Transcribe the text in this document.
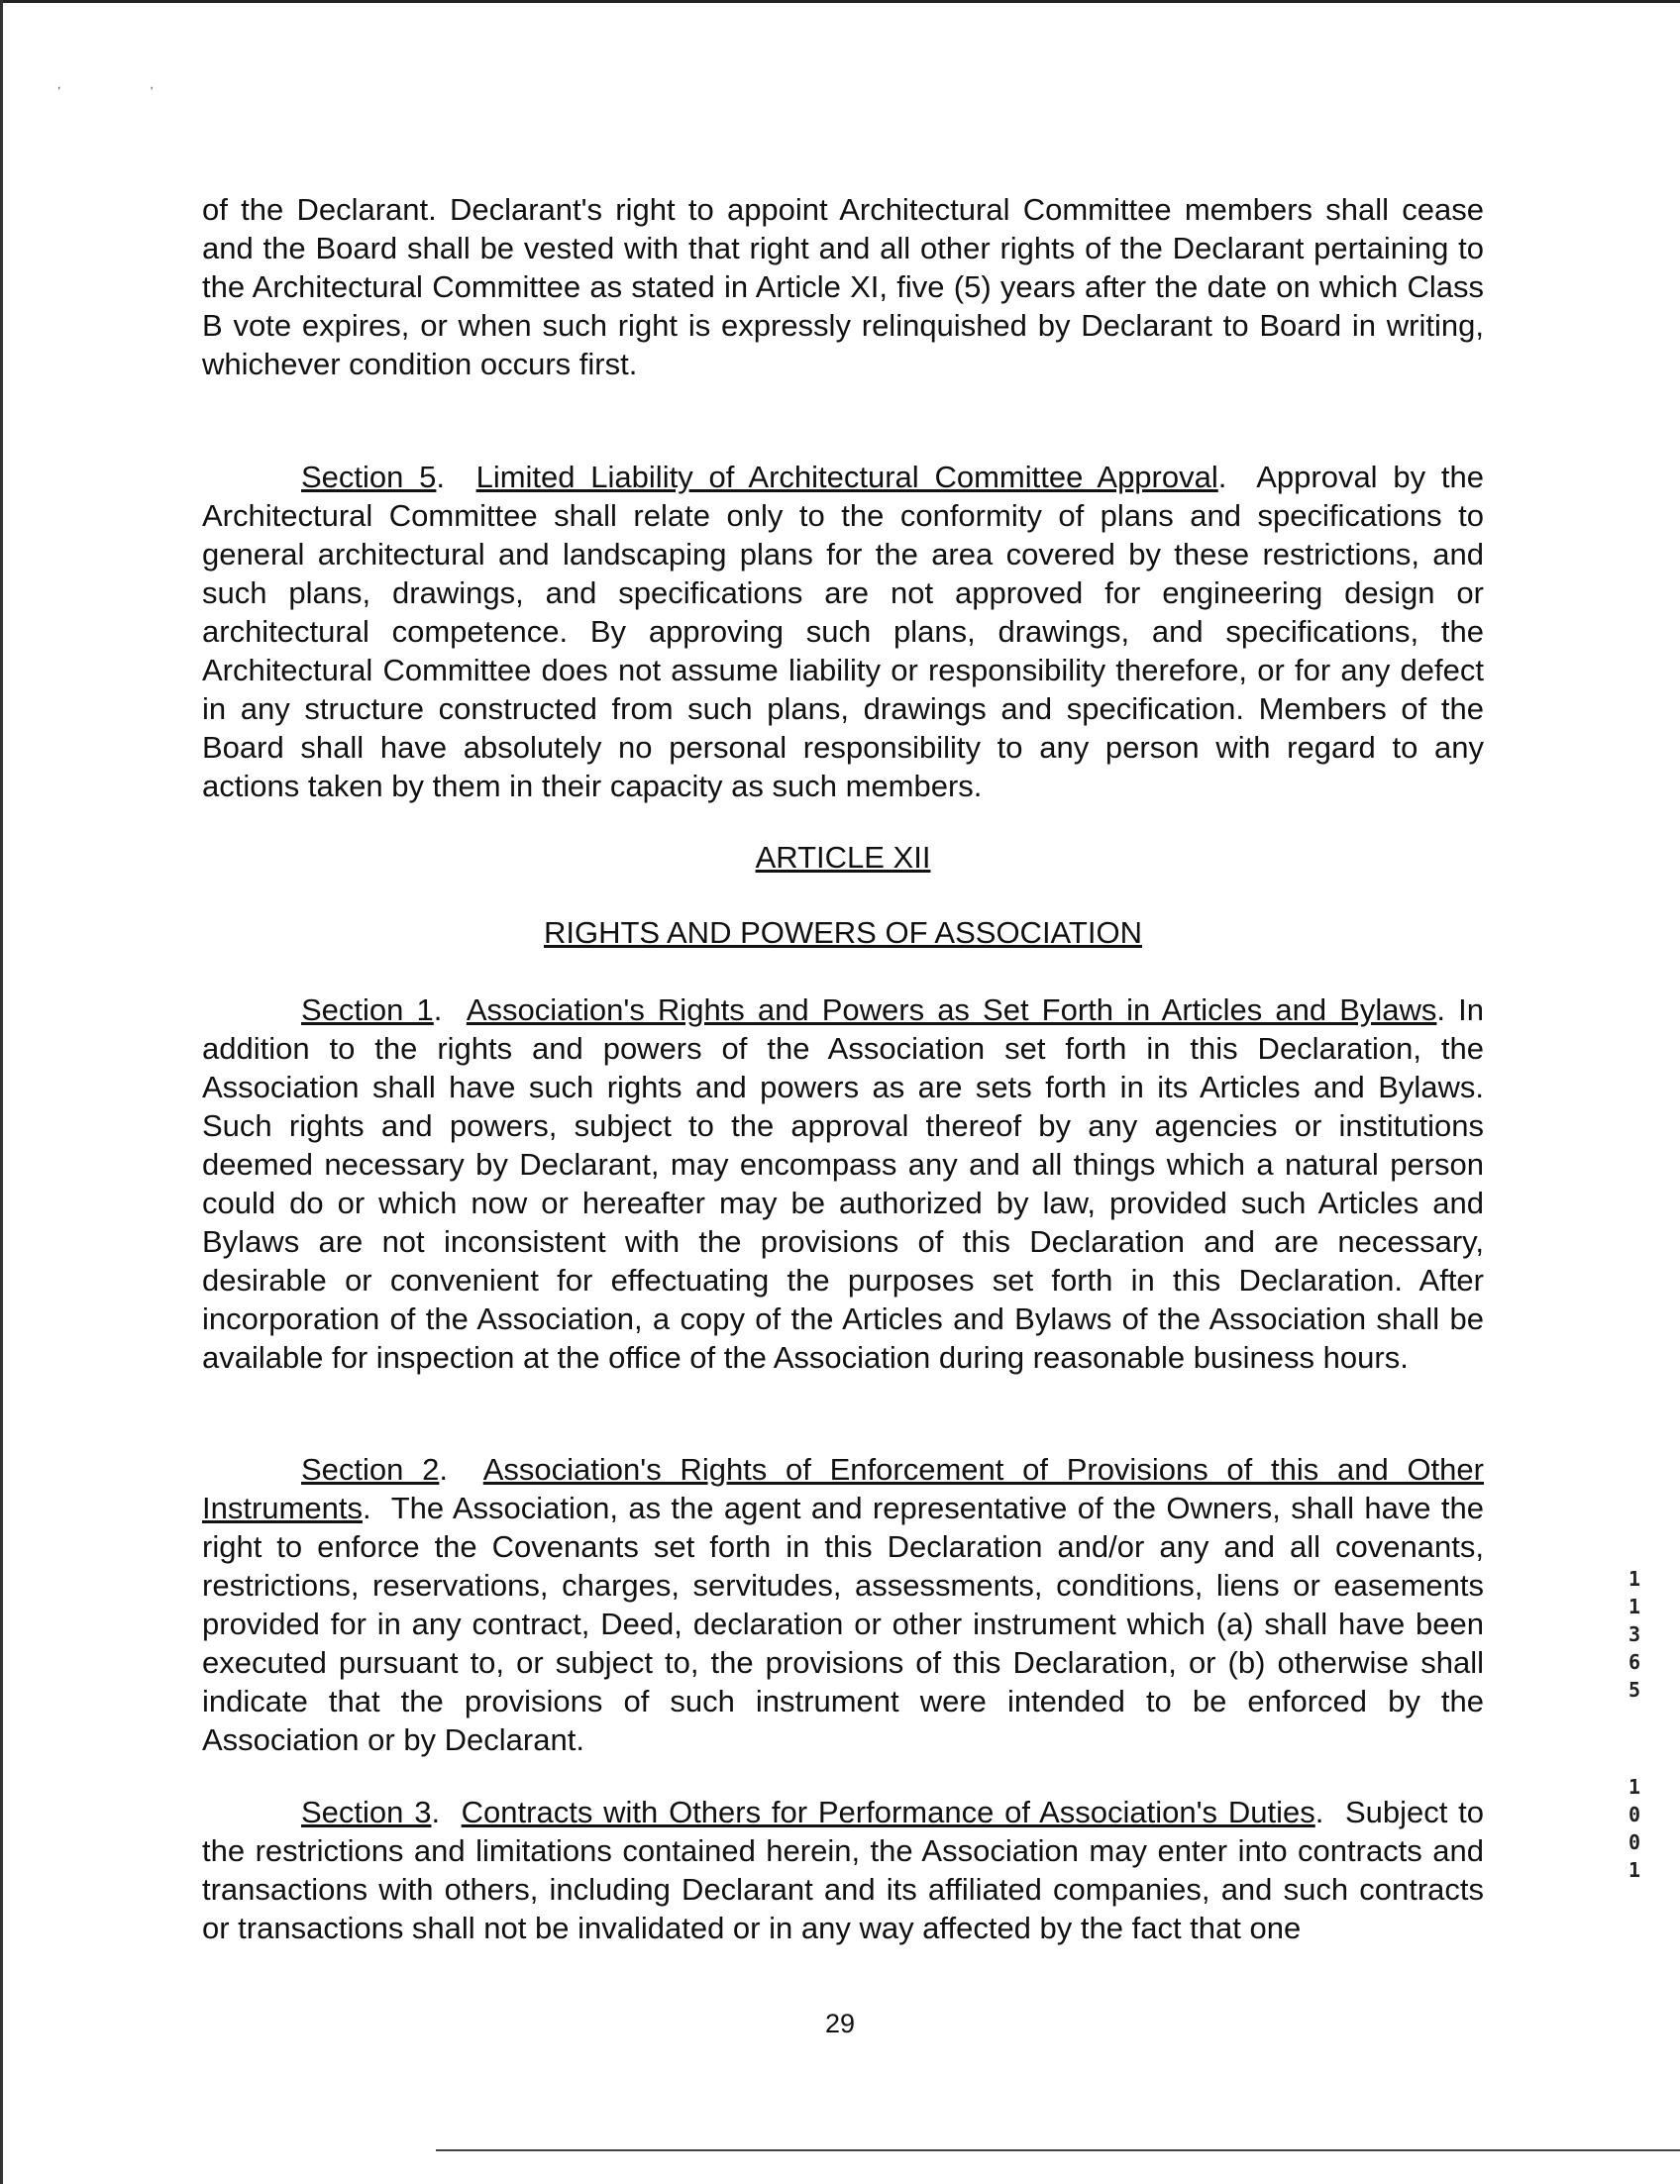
,	,

of the Declarant. Declarant's right to appoint Architectural Committee members shall cease and the Board shall be vested with that right and all other rights of the Declarant pertaining to the Architectural Committee as stated in Article XI, five (5) years after the date on which Class B vote expires, or when such right is expressly relinquished by Declarant to Board in writing, whichever condition occurs first.

Section 5.  Limited Liability of Architectural Committee Approval.  Approval by the Architectural Committee shall relate only to the conformity of plans and specifications to general architectural and landscaping plans for the area covered by these restrictions, and such plans, drawings, and specifications are not approved for engineering design or architectural competence. By approving such plans, drawings, and specifications, the Architectural Committee does not assume liability or responsibility therefore, or for any defect in any structure constructed from such plans, drawings and specification. Members of the Board shall have absolutely no personal responsibility to any person with regard to any actions taken by them in their capacity as such members.

ARTICLE XII
RIGHTS AND POWERS OF ASSOCIATION

Section 1.  Association's Rights and Powers as Set Forth in Articles and Bylaws. In addition to the rights and powers of the Association set forth in this Declaration, the Association shall have such rights and powers as are sets forth in its Articles and Bylaws. Such rights and powers, subject to the approval thereof by any agencies or institutions deemed necessary by Declarant, may encompass any and all things which a natural person could do or which now or hereafter may be authorized by law, provided such Articles and Bylaws are not inconsistent with the provisions of this Declaration and are necessary, desirable or convenient for effectuating the purposes set forth in this Declaration. After incorporation of the Association, a copy of the Articles and Bylaws of the Association shall be available for inspection at the office of the Association during reasonable business hours.

Section 2.  Association's Rights of Enforcement of Provisions of this and Other Instruments.  The Association, as the agent and representative of the Owners, shall have the right to enforce the Covenants set forth in this Declaration and/or any and all covenants, restrictions, reservations, charges, servitudes, assessments, conditions, liens or easements provided for in any contract, Deed, declaration or other instrument which (a) shall have been executed pursuant to, or subject to, the provisions of this Declaration, or (b) otherwise shall indicate that the provisions of such instrument were intended to be enforced by the Association or by Declarant.

Section 3.  Contracts with Others for Performance of Association's Duties.  Subject to the restrictions and limitations contained herein, the Association may enter into contracts and transactions with others, including Declarant and its affiliated companies, and such contracts or transactions shall not be invalidated or in any way affected by the fact that one

29
1
1
3
6
5
1
0
0
1
